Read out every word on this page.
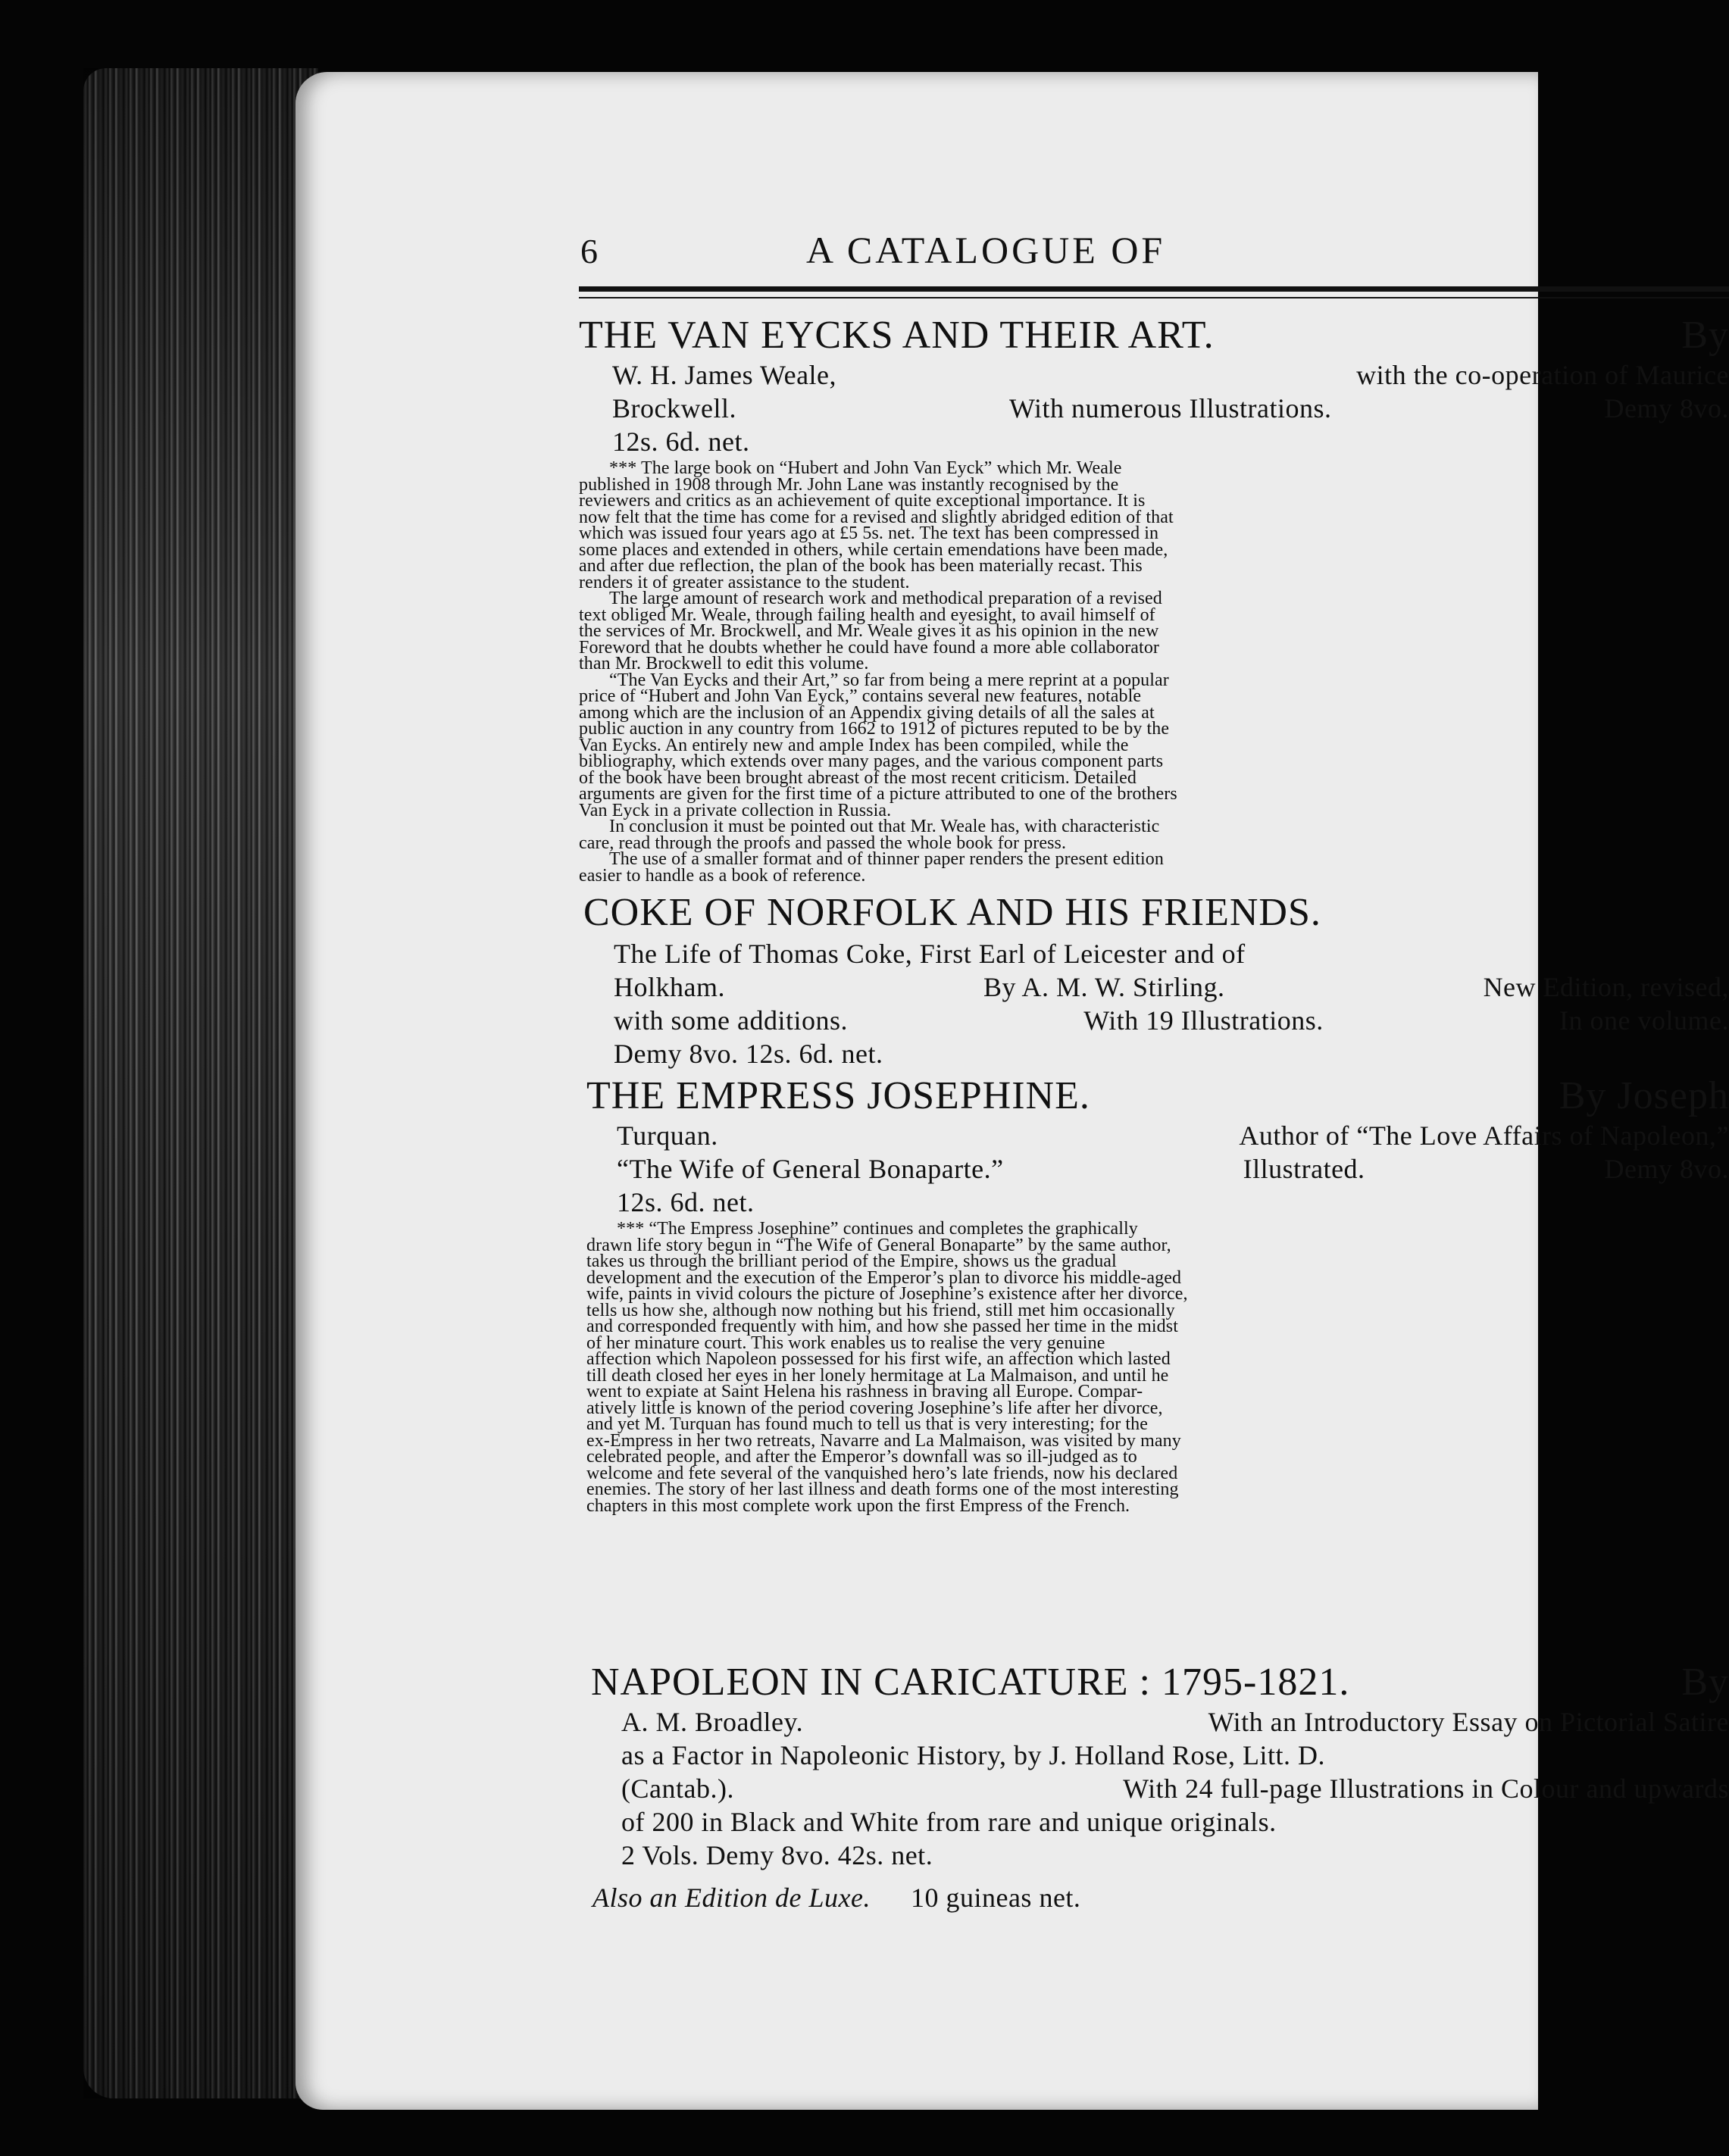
6	A CATALOGUE OF
THE VAN EYCKS AND THEIR ART.	By
W. H. James Weale,	with the co-operation of Maurice
Brockwell.	With numerous Illustrations.	Demy 8vo.
12s. 6d. net.

*** The large book on “Hubert and John Van Eyck” which Mr. Weale

published in 1908 through Mr. John Lane was instantly recognised by the

reviewers and critics as an achievement of quite exceptional importance. It is

now felt that the time has come for a revised and slightly abridged edition of that

which was issued four years ago at £5 5s. net. The text has been compressed in

some places and extended in others, while certain emendations have been made,

and after due reflection, the plan of the book has been materially recast. This

renders it of greater assistance to the student.

The large amount of research work and methodical preparation of a revised

text obliged Mr. Weale, through failing health and eyesight, to avail himself of

the services of Mr. Brockwell, and Mr. Weale gives it as his opinion in the new

Foreword that he doubts whether he could have found a more able collaborator

than Mr. Brockwell to edit this volume.

“The Van Eycks and their Art,” so far from being a mere reprint at a popular

price of “Hubert and John Van Eyck,” contains several new features, notable

among which are the inclusion of an Appendix giving details of all the sales at

public auction in any country from 1662 to 1912 of pictures reputed to be by the

Van Eycks. An entirely new and ample Index has been compiled, while the

bibliography, which extends over many pages, and the various component parts

of the book have been brought abreast of the most recent criticism. Detailed

arguments are given for the first time of a picture attributed to one of the brothers

Van Eyck in a private collection in Russia.

In conclusion it must be pointed out that Mr. Weale has, with characteristic

care, read through the proofs and passed the whole book for press.

The use of a smaller format and of thinner paper renders the present edition

easier to handle as a book of reference.

COKE OF NORFOLK AND HIS FRIENDS.
The Life of Thomas Coke, First Earl of Leicester and of
Holkham.	By A. M. W. Stirling.	New Edition, revised,
with some additions.	With 19 Illustrations.	In one volume.
Demy 8vo. 12s. 6d. net.
THE EMPRESS JOSEPHINE.	By Joseph
Turquan.	Author of “The Love Affairs of Napoleon,”
“The Wife of General Bonaparte.”	Illustrated.	Demy 8vo.
12s. 6d. net.

*** “The Empress Josephine” continues and completes the graphically

drawn life story begun in “The Wife of General Bonaparte” by the same author,

takes us through the brilliant period of the Empire, shows us the gradual

development and the execution of the Emperor’s plan to divorce his middle-aged

wife, paints in vivid colours the picture of Josephine’s existence after her divorce,

tells us how she, although now nothing but his friend, still met him occasionally

and corresponded frequently with him, and how she passed her time in the midst

of her minature court. This work enables us to realise the very genuine

affection which Napoleon possessed for his first wife, an affection which lasted

till death closed her eyes in her lonely hermitage at La Malmaison, and until he

went to expiate at Saint Helena his rashness in braving all Europe. Compar-

atively little is known of the period covering Josephine’s life after her divorce,

and yet M. Turquan has found much to tell us that is very interesting; for the

ex-Empress in her two retreats, Navarre and La Malmaison, was visited by many

celebrated people, and after the Emperor’s downfall was so ill-judged as to

welcome and fete several of the vanquished hero’s late friends, now his declared

enemies. The story of her last illness and death forms one of the most interesting

chapters in this most complete work upon the first Empress of the French.

NAPOLEON IN CARICATURE : 1795-1821.	By
A. M. Broadley.	With an Introductory Essay on Pictorial Satire
as a Factor in Napoleonic History, by J. Holland Rose, Litt. D.
(Cantab.).	With 24 full-page Illustrations in Colour and upwards
of 200 in Black and White from rare and unique originals.
2 Vols. Demy 8vo. 42s. net.
Also an Edition de Luxe. 10 guineas net.
